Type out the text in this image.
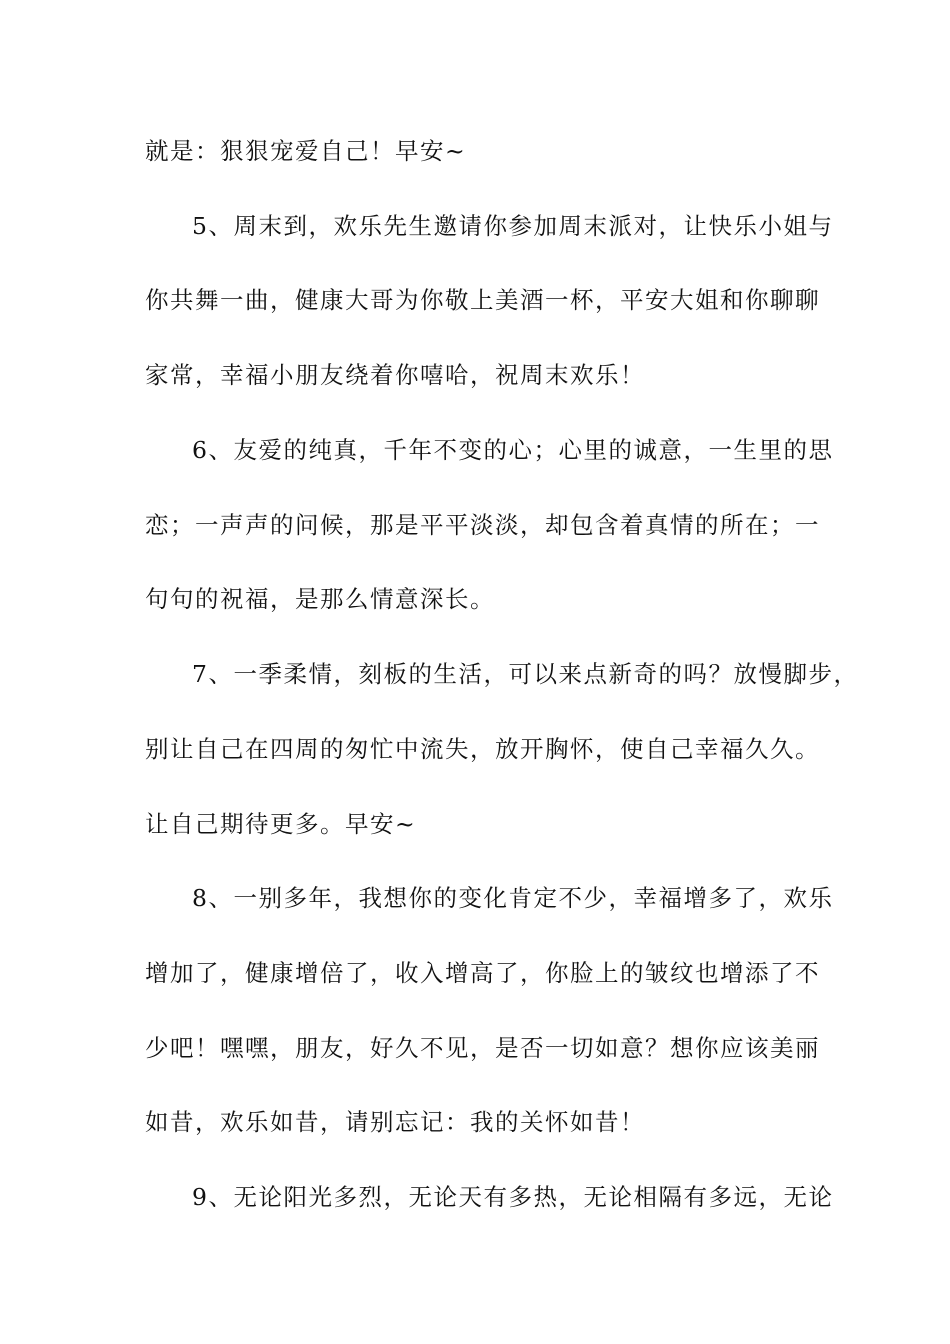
就是：狠狠宠爱自己！早安~
5、周末到，欢乐先生邀请你参加周末派对，让快乐小姐与
你共舞一曲，健康大哥为你敬上美酒一杯，平安大姐和你聊聊
家常，幸福小朋友绕着你嘻哈，祝周末欢乐！
6、友爱的纯真，千年不变的心；心里的诚意，一生里的思
恋；一声声的问候，那是平平淡淡，却包含着真情的所在；一
句句的祝福，是那么情意深长。
7、一季柔情，刻板的生活，可以来点新奇的吗？放慢脚步，
别让自己在四周的匆忙中流失，放开胸怀，使自己幸福久久。
让自己期待更多。早安~
8、一别多年，我想你的变化肯定不少，幸福增多了，欢乐
增加了，健康增倍了，收入增高了，你脸上的皱纹也增添了不
少吧！嘿嘿，朋友，好久不见，是否一切如意？想你应该美丽
如昔，欢乐如昔，请别忘记：我的关怀如昔！
9、无论阳光多烈，无论天有多热，无论相隔有多远，无论
